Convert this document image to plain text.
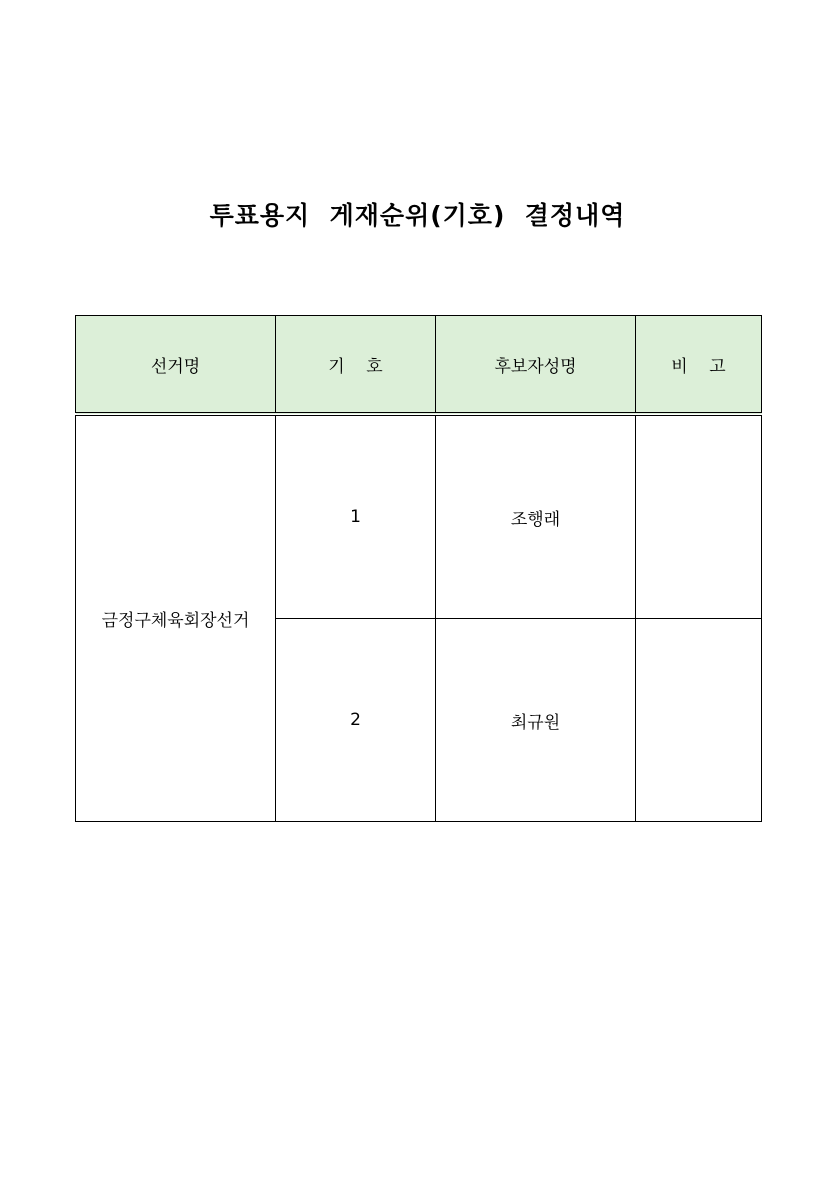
투표용지  게재순위(기호)  결정내역
선거명	기    호	후보자성명	비    고
금정구체육회장선거	1	조행래	
	2	최규원	
